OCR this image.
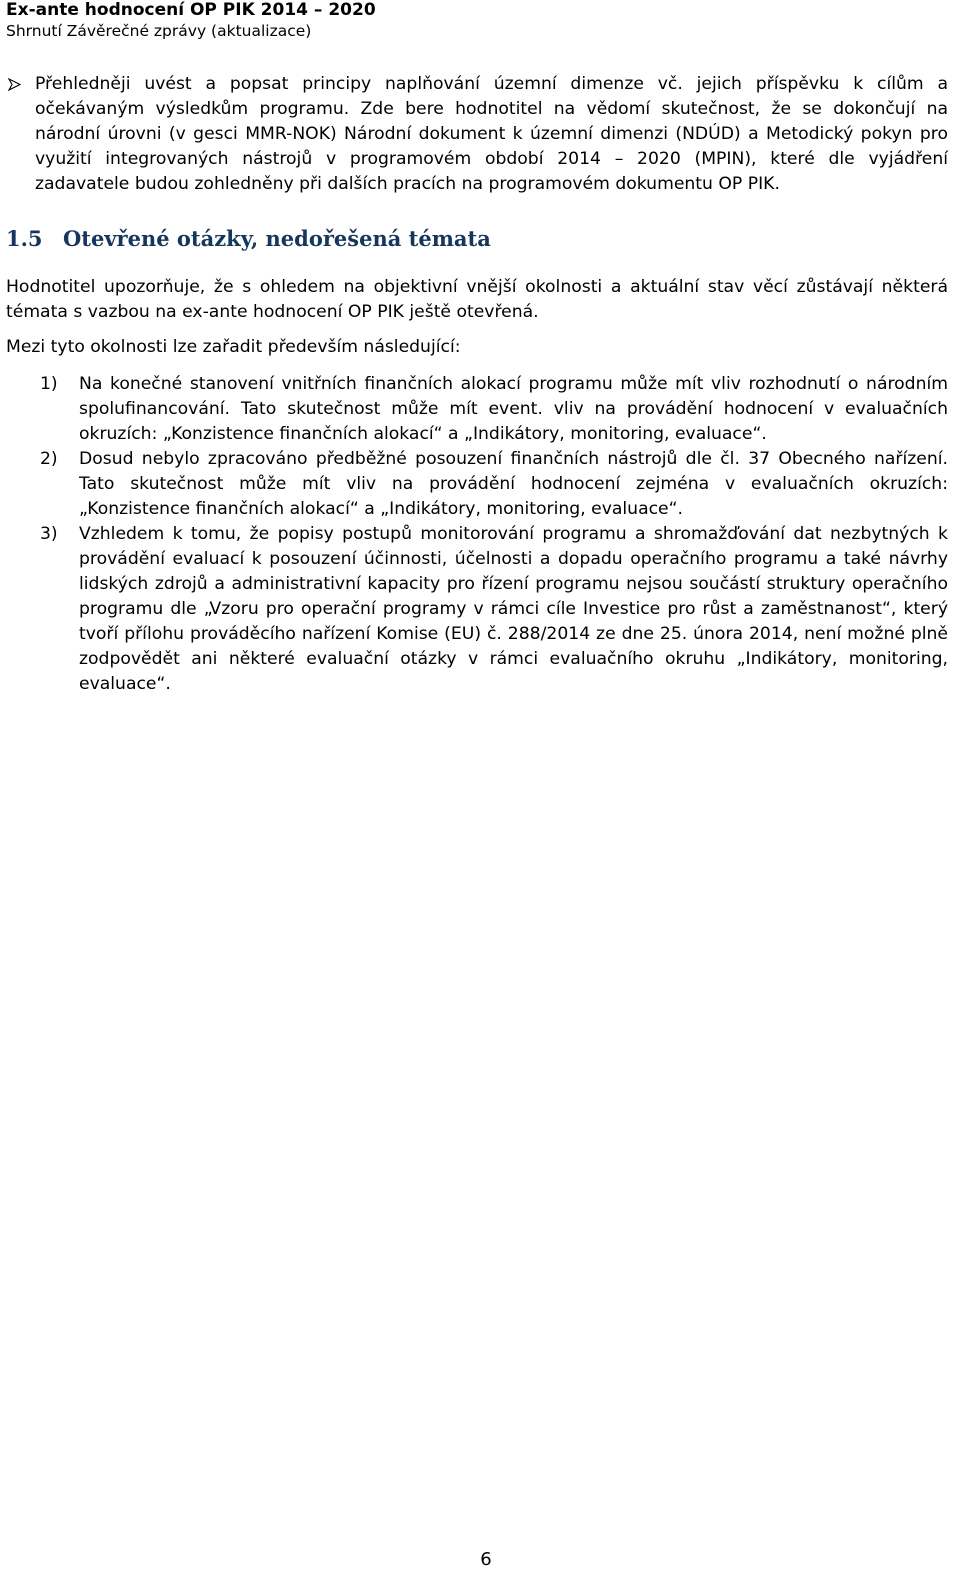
Ex-ante hodnocení OP PIK 2014 – 2020
Shrnutí Závěrečné zprávy (aktualizace)
Přehledněji uvést a popsat principy naplňování územní dimenze vč. jejich příspěvku k cílům a očekávaným výsledkům programu. Zde bere hodnotitel na vědomí skutečnost, že se dokončují na národní úrovni (v gesci MMR-NOK) Národní dokument k územní dimenzi (NDÚD) a Metodický pokyn pro využití integrovaných nástrojů v programovém období 2014 – 2020 (MPIN), které dle vyjádření zadavatele budou zohledněny při dalších pracích na programovém dokumentu OP PIK.
1.5 Otevřené otázky, nedořešená témata
Hodnotitel upozorňuje, že s ohledem na objektivní vnější okolnosti a aktuální stav věcí zůstávají některá témata s vazbou na ex-ante hodnocení OP PIK ještě otevřená.
Mezi tyto okolnosti lze zařadit především následující:
1)	Na konečné stanovení vnitřních finančních alokací programu může mít vliv rozhodnutí o národním spolufinancování. Tato skutečnost může mít event. vliv na provádění hodnocení v evaluačních okruzích: „Konzistence finančních alokací“ a „Indikátory, monitoring, evaluace“.
2)	Dosud nebylo zpracováno předběžné posouzení finančních nástrojů dle čl. 37 Obecného nařízení. Tato skutečnost může mít vliv na provádění hodnocení zejména v evaluačních okruzích: „Konzistence finančních alokací“ a „Indikátory, monitoring, evaluace“.
3)	Vzhledem k tomu, že popisy postupů monitorování programu a shromažďování dat nezbytných k provádění evaluací k posouzení účinnosti, účelnosti a dopadu operačního programu a také návrhy lidských zdrojů a administrativní kapacity pro řízení programu nejsou součástí struktury operačního programu dle „Vzoru pro operační programy v rámci cíle Investice pro růst a zaměstnanost“, který tvoří přílohu prováděcího nařízení Komise (EU) č. 288/2014 ze dne 25. února 2014, není možné plně zodpovědět ani některé evaluační otázky v rámci evaluačního okruhu „Indikátory, monitoring, evaluace“.
6
